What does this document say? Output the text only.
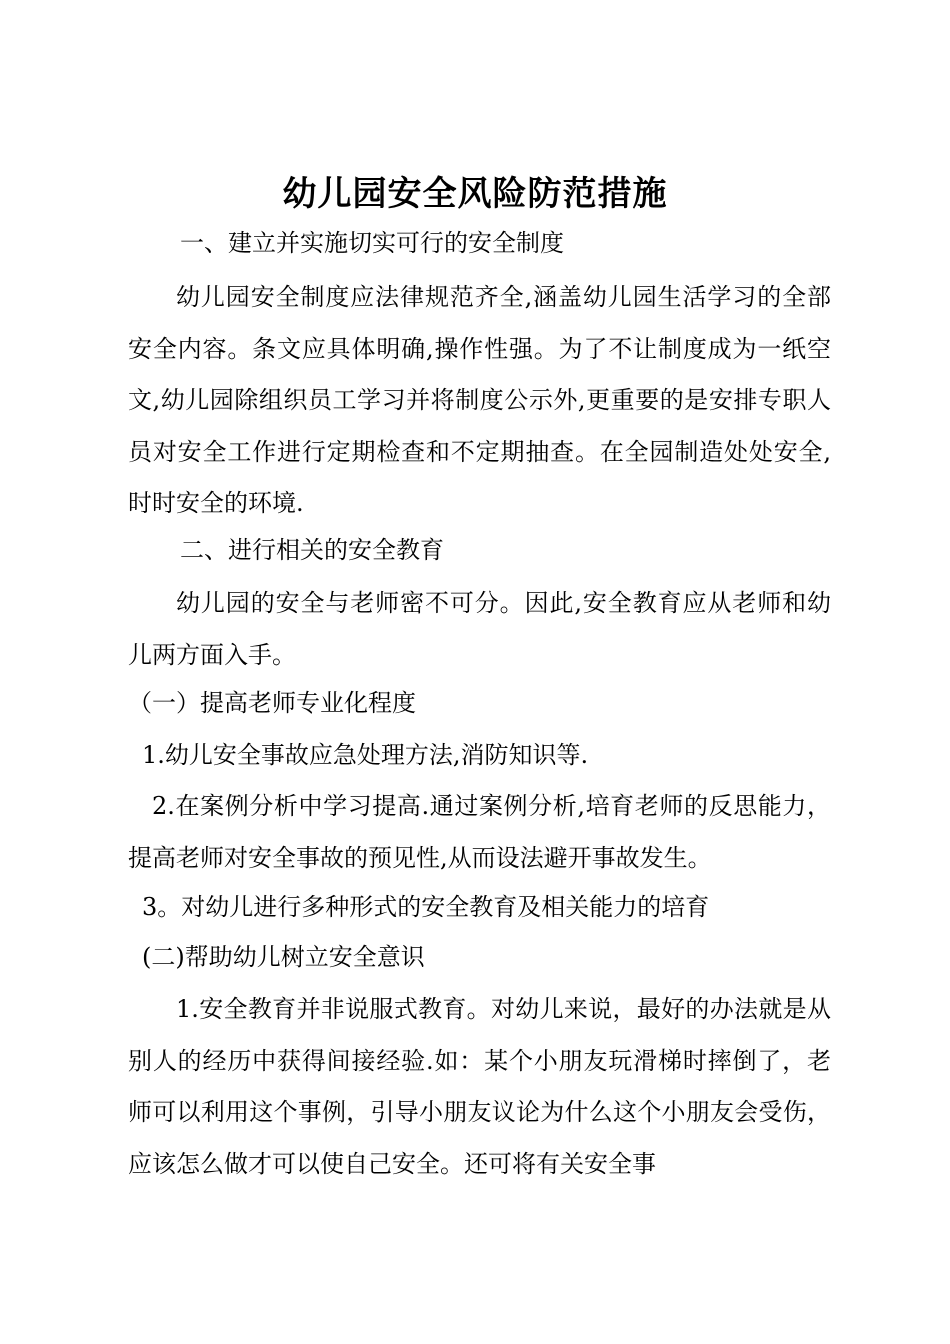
幼儿园安全风险防范措施
一、建立并实施切实可行的安全制度

幼儿园安全制度应法律规范齐全,涵盖幼儿园生活学习的全部安全内容。条文应具体明确,操作性强。为了不让制度成为一纸空文,幼儿园除组织员工学习并将制度公示外,更重要的是安排专职人员对安全工作进行定期检查和不定期抽查。在全园制造处处安全,时时安全的环境.

二、进行相关的安全教育

幼儿园的安全与老师密不可分。因此,安全教育应从老师和幼儿两方面入手。

（一）提高老师专业化程度
1.幼儿安全事故应急处理方法,消防知识等.

2.在案例分析中学习提高.通过案例分析,培育老师的反思能力，提高老师对安全事故的预见性,从而设法避开事故发生。

3。对幼儿进行多种形式的安全教育及相关能力的培育
(二)帮助幼儿树立安全意识

1.安全教育并非说服式教育。对幼儿来说，最好的办法就是从别人的经历中获得间接经验.如：某个小朋友玩滑梯时摔倒了，老师可以利用这个事例，引导小朋友议论为什么这个小朋友会受伤，应该怎么做才可以使自己安全。还可将有关安全事
